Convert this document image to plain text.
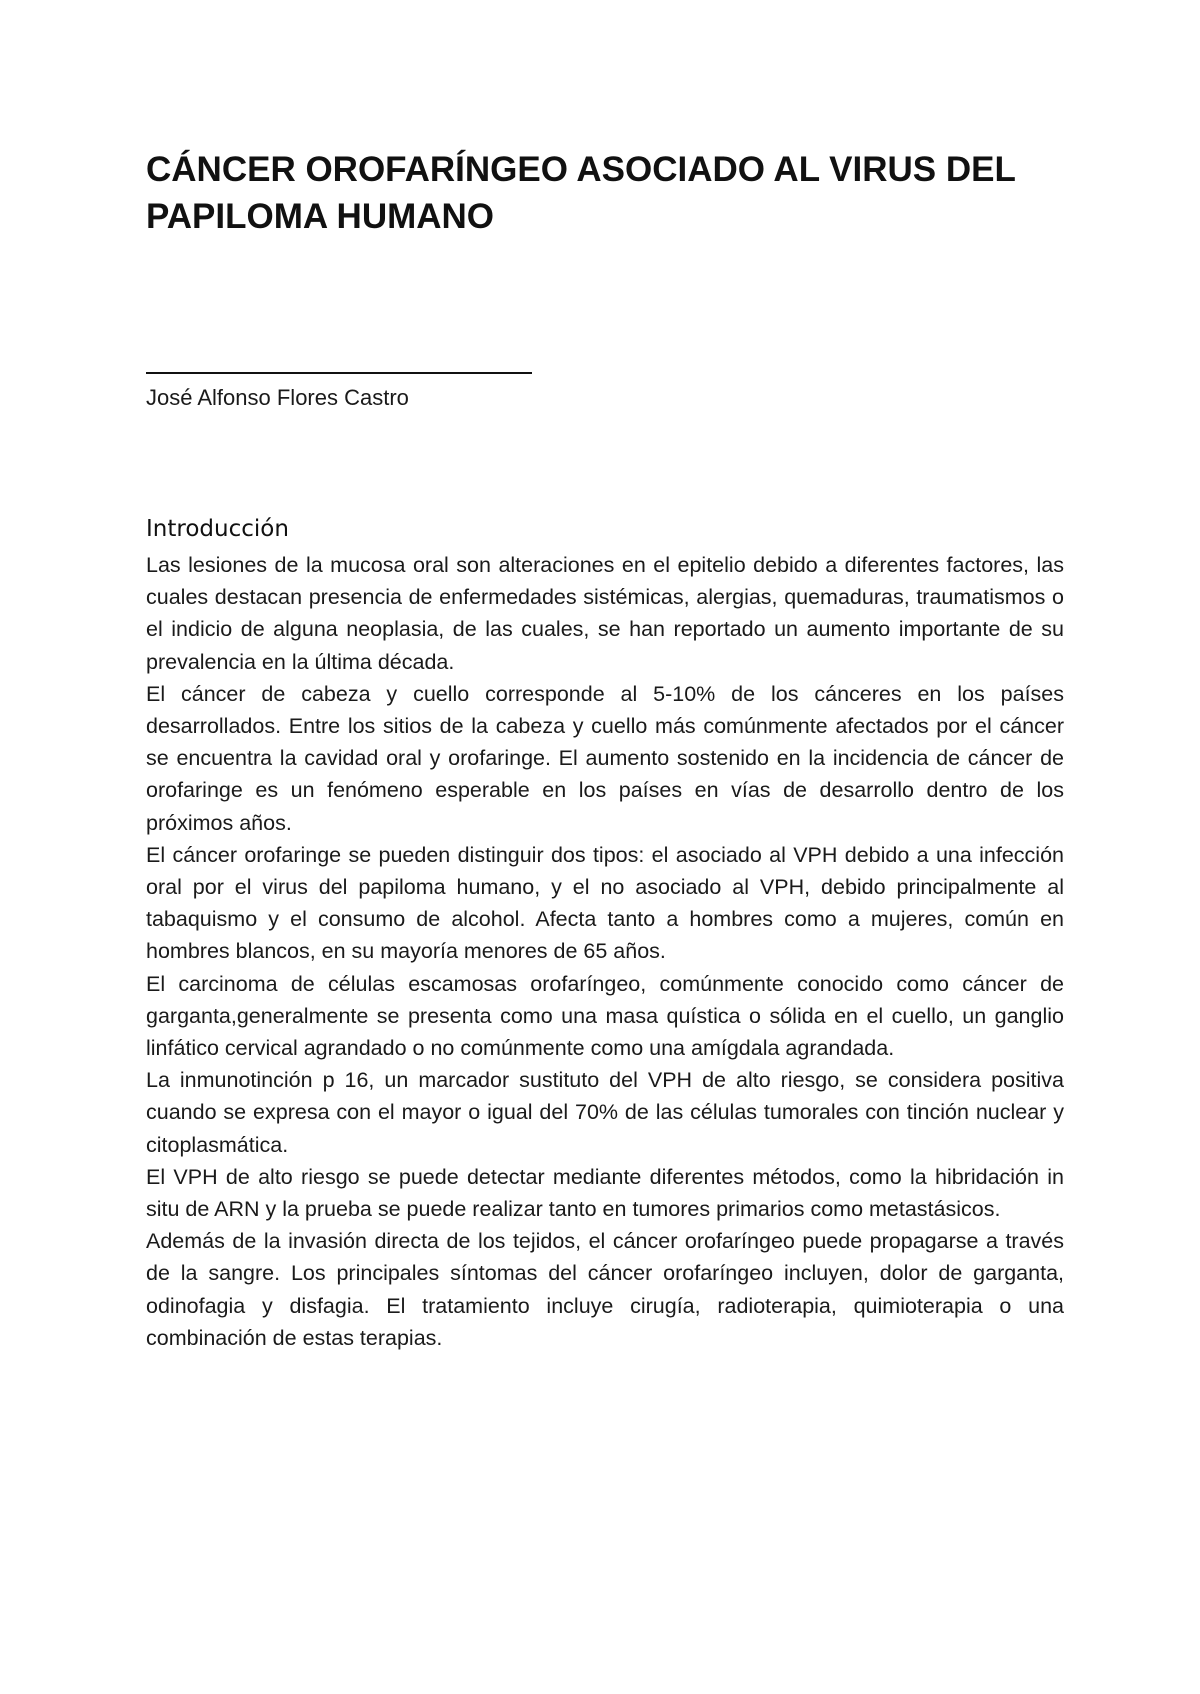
CÁNCER OROFARÍNGEO ASOCIADO AL VIRUS DEL PAPILOMA HUMANO

José Alfonso Flores Castro

Introducción

Las lesiones de la mucosa oral son alteraciones en el epitelio debido a diferentes factores, las cuales destacan presencia de enfermedades sistémicas, alergias, quemaduras, traumatismos o el indicio de alguna neoplasia, de las cuales, se han reportado un aumento importante de su prevalencia en la última década.

El cáncer de cabeza y cuello corresponde al 5-10% de los cánceres en los países desarrollados. Entre los sitios de la cabeza y cuello más comúnmente afectados por el cáncer se encuentra la cavidad oral y orofaringe. El aumento sostenido en la incidencia de cáncer de orofaringe es un fenómeno esperable en los países en vías de desarrollo dentro de los próximos años.

El cáncer orofaringe se pueden distinguir dos tipos: el asociado al VPH debido a una infección oral por el virus del papiloma humano, y el no asociado al VPH, debido principalmente al tabaquismo y el consumo de alcohol. Afecta tanto a hombres como a mujeres, común en hombres blancos, en su mayoría menores de 65 años.

El carcinoma de células escamosas orofaríngeo, comúnmente conocido como cáncer de garganta,generalmente se presenta como una masa quística o sólida en el cuello, un ganglio linfático cervical agrandado o no comúnmente como una amígdala agrandada.

La inmunotinción p 16, un marcador sustituto del VPH de alto riesgo, se considera positiva cuando se expresa con el mayor o igual del 70% de las células tumorales con tinción nuclear y citoplasmática.

El VPH de alto riesgo se puede detectar mediante diferentes métodos, como la hibridación in situ de ARN y la prueba se puede realizar tanto en tumores primarios como metastásicos.

Además de la invasión directa de los tejidos, el cáncer orofaríngeo puede propagarse a través de la sangre. Los principales síntomas del cáncer orofaríngeo incluyen, dolor de garganta, odinofagia y disfagia. El tratamiento incluye cirugía, radioterapia, quimioterapia o una combinación de estas terapias.
